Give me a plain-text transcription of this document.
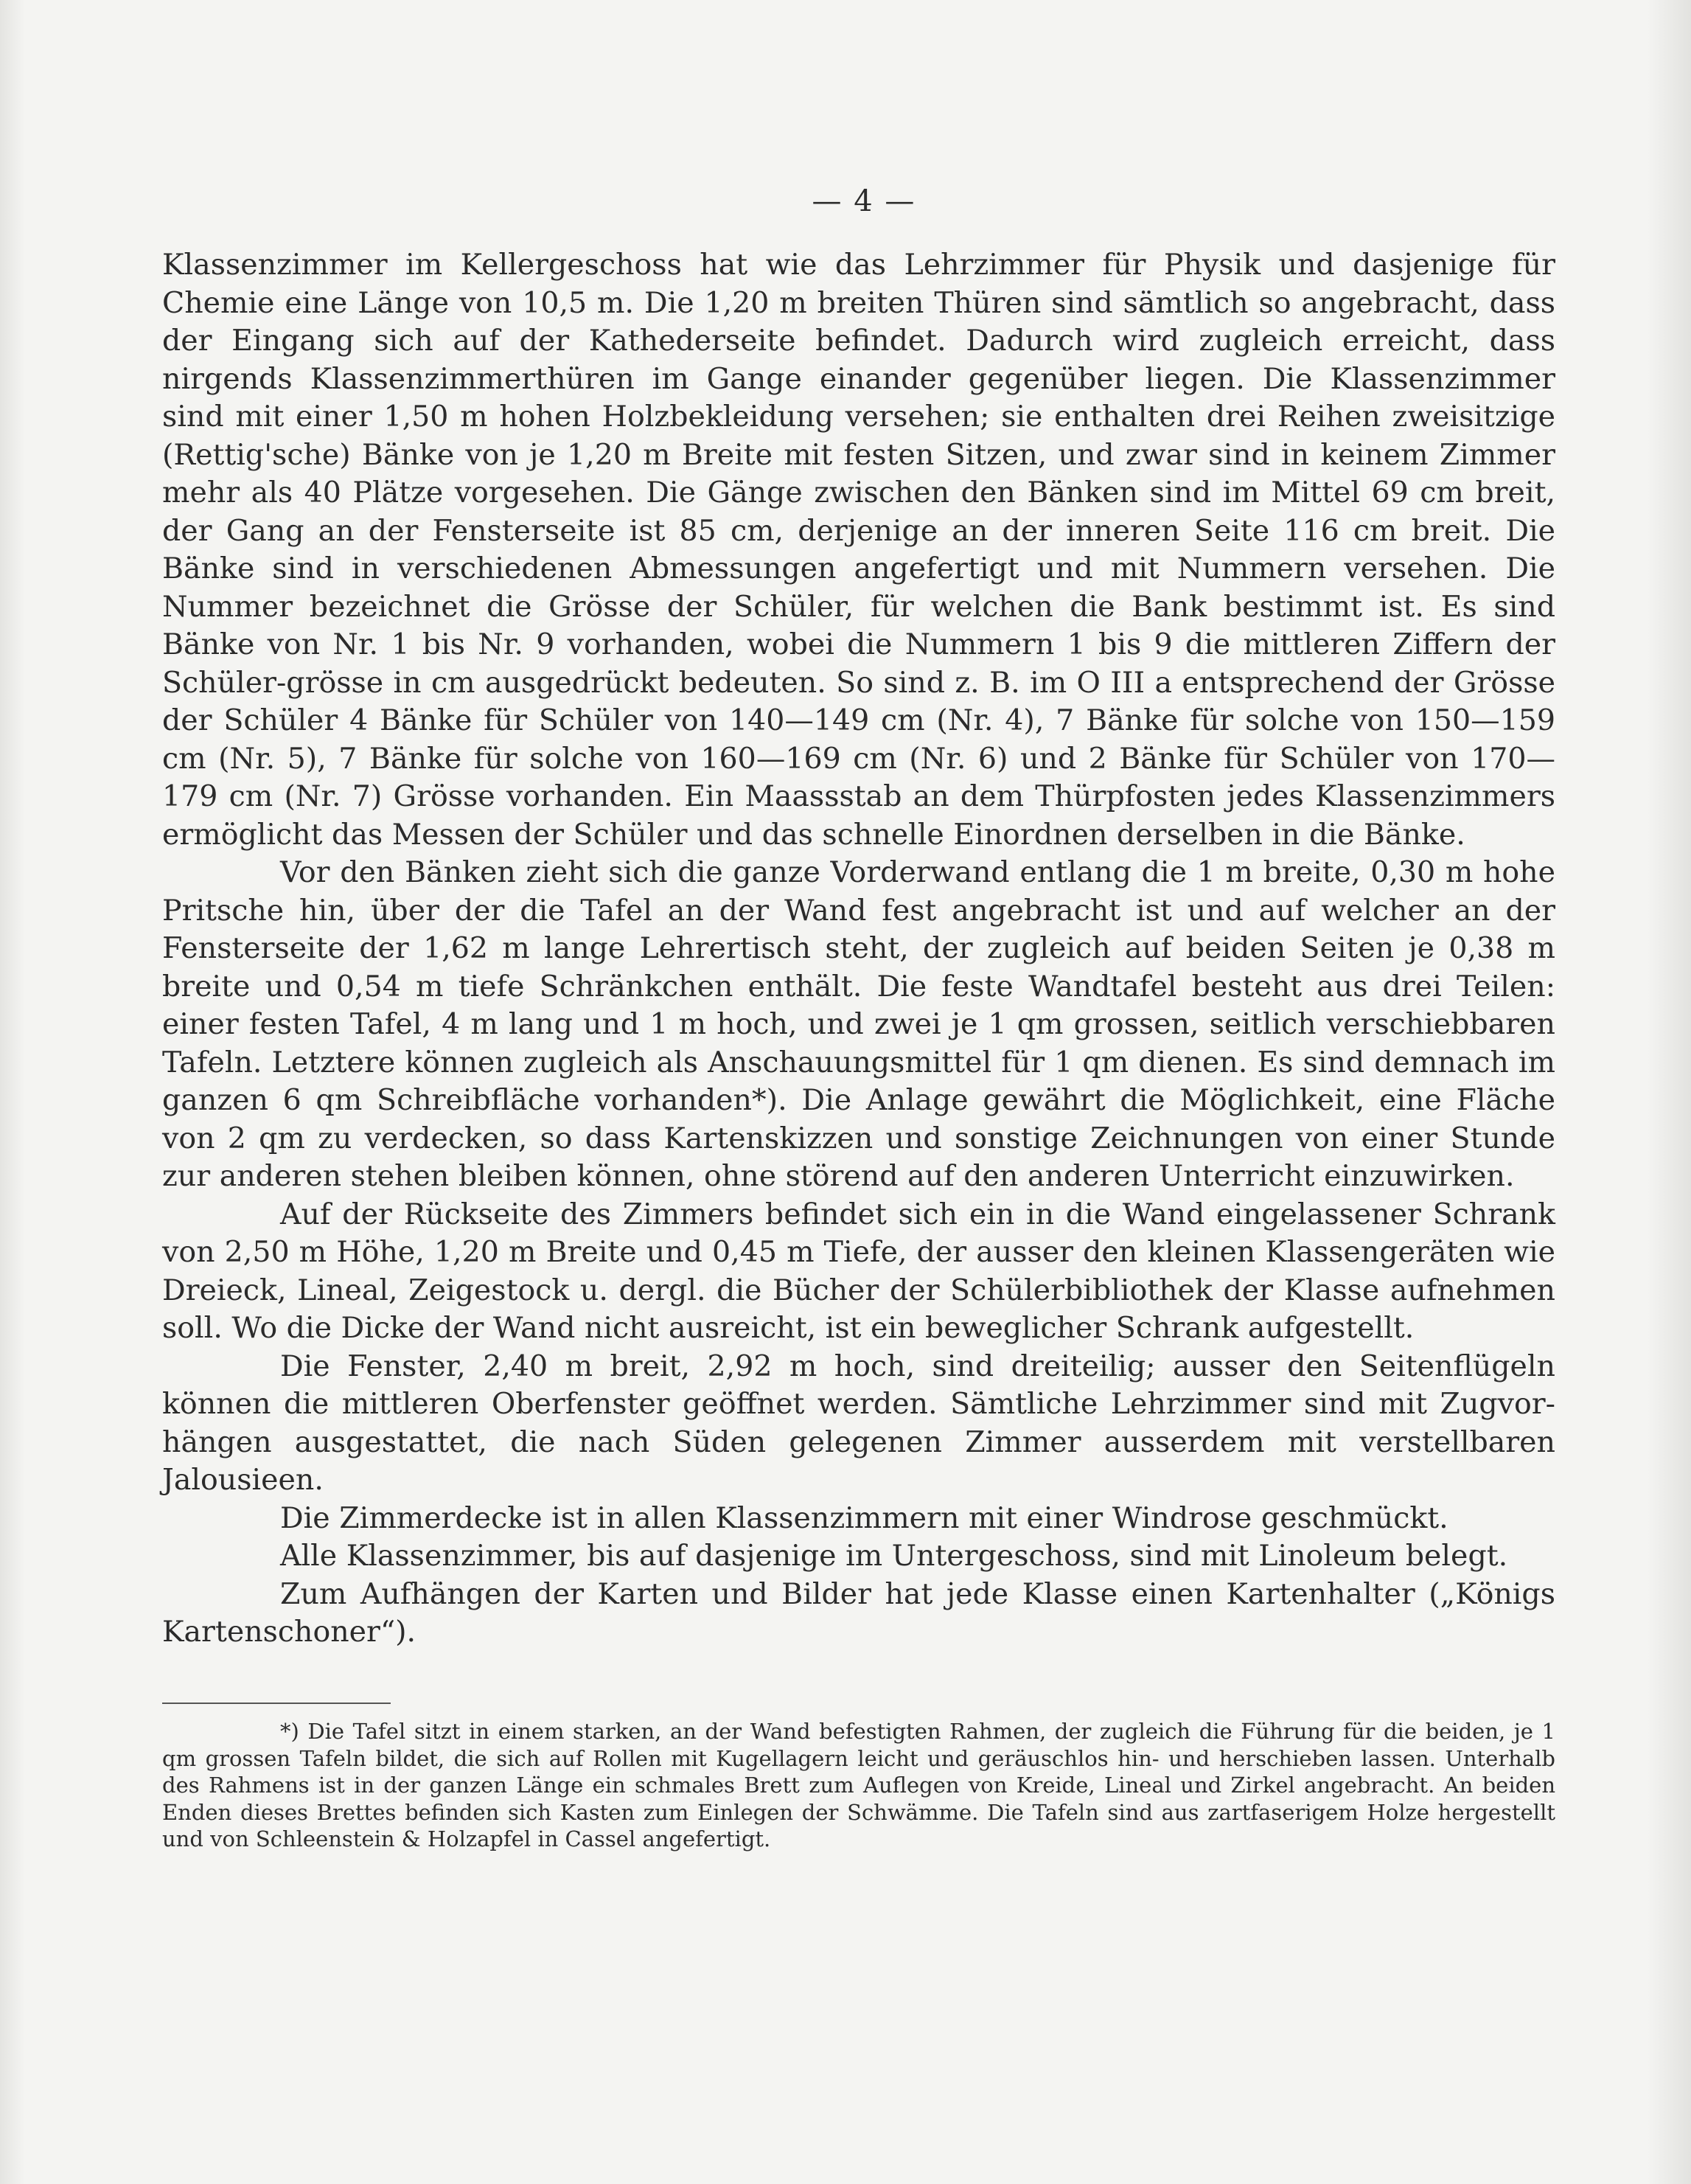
— 4 —

Klassenzimmer im Kellergeschoss hat wie das Lehrzimmer für Physik und dasjenige für Chemie eine Länge von 10,5 m. Die 1,20 m breiten Thüren sind sämtlich so angebracht, dass der Eingang sich auf der Kathederseite befindet. Dadurch wird zugleich erreicht, dass nirgends Klassenzimmerthüren im Gange einander gegenüber liegen. Die Klassenzimmer sind mit einer 1,50 m hohen Holzbekleidung versehen; sie enthalten drei Reihen zweisitzige (Rettig'sche) Bänke von je 1,20 m Breite mit festen Sitzen, und zwar sind in keinem Zimmer mehr als 40 Plätze vorgesehen. Die Gänge zwischen den Bänken sind im Mittel 69 cm breit, der Gang an der Fensterseite ist 85 cm, derjenige an der inneren Seite 116 cm breit. Die Bänke sind in verschiedenen Abmessungen angefertigt und mit Nummern versehen. Die Nummer bezeichnet die Grösse der Schüler, für welchen die Bank bestimmt ist. Es sind Bänke von Nr. 1 bis Nr. 9 vorhanden, wobei die Nummern 1 bis 9 die mittleren Ziffern der Schüler-grösse in cm ausgedrückt bedeuten. So sind z. B. im O III a entsprechend der Grösse der Schüler 4 Bänke für Schüler von 140—149 cm (Nr. 4), 7 Bänke für solche von 150—159 cm (Nr. 5), 7 Bänke für solche von 160—169 cm (Nr. 6) und 2 Bänke für Schüler von 170—179 cm (Nr. 7) Grösse vorhanden. Ein Maassstab an dem Thürpfosten jedes Klassenzimmers ermöglicht das Messen der Schüler und das schnelle Einordnen derselben in die Bänke.

Vor den Bänken zieht sich die ganze Vorderwand entlang die 1 m breite, 0,30 m hohe Pritsche hin, über der die Tafel an der Wand fest angebracht ist und auf welcher an der Fensterseite der 1,62 m lange Lehrertisch steht, der zugleich auf beiden Seiten je 0,38 m breite und 0,54 m tiefe Schränkchen enthält. Die feste Wandtafel besteht aus drei Teilen: einer festen Tafel, 4 m lang und 1 m hoch, und zwei je 1 qm grossen, seitlich verschiebbaren Tafeln. Letztere können zugleich als Anschauungsmittel für 1 qm dienen. Es sind demnach im ganzen 6 qm Schreibfläche vorhanden*). Die Anlage gewährt die Möglichkeit, eine Fläche von 2 qm zu verdecken, so dass Kartenskizzen und sonstige Zeichnungen von einer Stunde zur anderen stehen bleiben können, ohne störend auf den anderen Unterricht einzuwirken.

Auf der Rückseite des Zimmers befindet sich ein in die Wand eingelassener Schrank von 2,50 m Höhe, 1,20 m Breite und 0,45 m Tiefe, der ausser den kleinen Klassengeräten wie Dreieck, Lineal, Zeigestock u. dergl. die Bücher der Schülerbibliothek der Klasse aufnehmen soll. Wo die Dicke der Wand nicht ausreicht, ist ein beweglicher Schrank aufgestellt.

Die Fenster, 2,40 m breit, 2,92 m hoch, sind dreiteilig; ausser den Seitenflügeln können die mittleren Oberfenster geöffnet werden. Sämtliche Lehrzimmer sind mit Zugvor-hängen ausgestattet, die nach Süden gelegenen Zimmer ausserdem mit verstellbaren Jalousieen.

Die Zimmerdecke ist in allen Klassenzimmern mit einer Windrose geschmückt.

Alle Klassenzimmer, bis auf dasjenige im Untergeschoss, sind mit Linoleum belegt.

Zum Aufhängen der Karten und Bilder hat jede Klasse einen Kartenhalter („Königs Kartenschoner“).

*) Die Tafel sitzt in einem starken, an der Wand befestigten Rahmen, der zugleich die Führung für die beiden, je 1 qm grossen Tafeln bildet, die sich auf Rollen mit Kugellagern leicht und geräuschlos hin- und herschieben lassen. Unterhalb des Rahmens ist in der ganzen Länge ein schmales Brett zum Auflegen von Kreide, Lineal und Zirkel angebracht. An beiden Enden dieses Brettes befinden sich Kasten zum Einlegen der Schwämme. Die Tafeln sind aus zartfaserigem Holze hergestellt und von Schleenstein & Holzapfel in Cassel angefertigt.
